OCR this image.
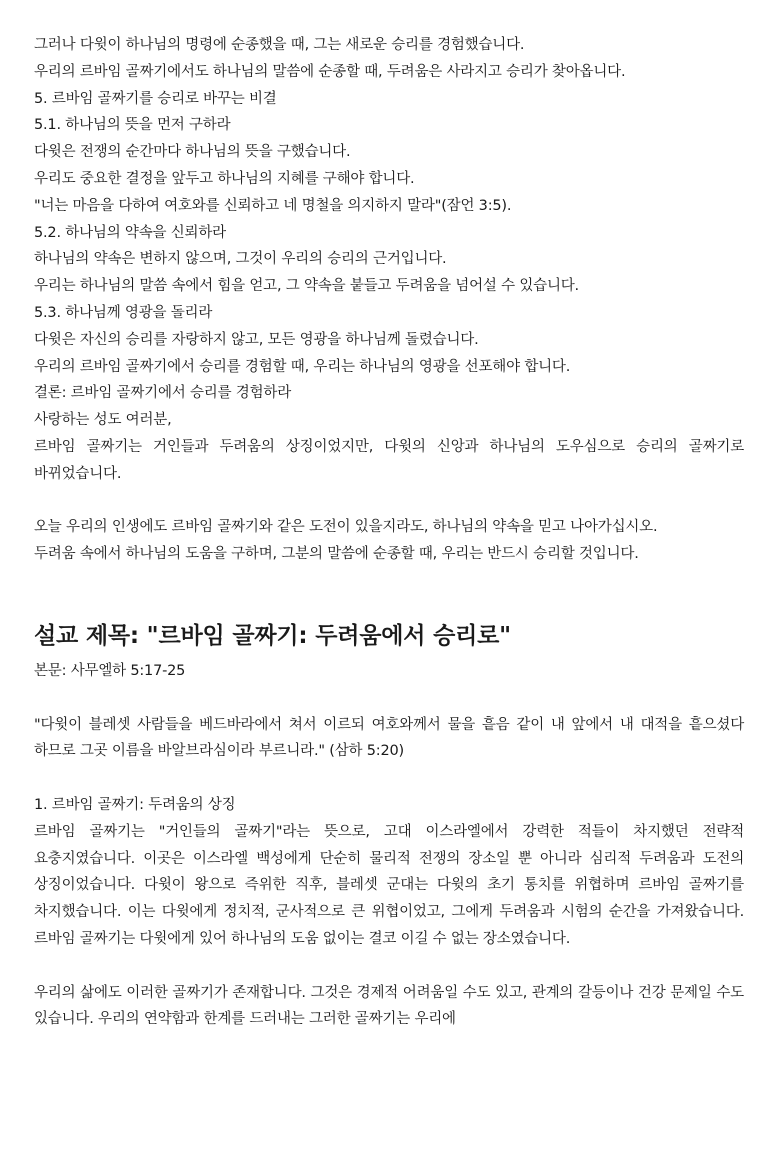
그러나 다윗이 하나님의 명령에 순종했을 때, 그는 새로운 승리를 경험했습니다.

우리의 르바임 골짜기에서도 하나님의 말씀에 순종할 때, 두려움은 사라지고 승리가 찾아옵니다.

5. 르바임 골짜기를 승리로 바꾸는 비결

5.1. 하나님의 뜻을 먼저 구하라

다윗은 전쟁의 순간마다 하나님의 뜻을 구했습니다.

우리도 중요한 결정을 앞두고 하나님의 지혜를 구해야 합니다.

"너는 마음을 다하여 여호와를 신뢰하고 네 명철을 의지하지 말라"(잠언 3:5).

5.2. 하나님의 약속을 신뢰하라

하나님의 약속은 변하지 않으며, 그것이 우리의 승리의 근거입니다.

우리는 하나님의 말씀 속에서 힘을 얻고, 그 약속을 붙들고 두려움을 넘어설 수 있습니다.

5.3. 하나님께 영광을 돌리라

다윗은 자신의 승리를 자랑하지 않고, 모든 영광을 하나님께 돌렸습니다.

우리의 르바임 골짜기에서 승리를 경험할 때, 우리는 하나님의 영광을 선포해야 합니다.

결론: 르바임 골짜기에서 승리를 경험하라

사랑하는 성도 여러분,

르바임 골짜기는 거인들과 두려움의 상징이었지만, 다윗의 신앙과 하나님의 도우심으로 승리의 골짜기로 바뀌었습니다.

오늘 우리의 인생에도 르바임 골짜기와 같은 도전이 있을지라도, 하나님의 약속을 믿고 나아가십시오.

두려움 속에서 하나님의 도움을 구하며, 그분의 말씀에 순종할 때, 우리는 반드시 승리할 것입니다.

설교 제목: "르바임 골짜기: 두려움에서 승리로"

본문: 사무엘하 5:17-25

"다윗이 블레셋 사람들을 베드바라에서 쳐서 이르되 여호와께서 물을 흩음 같이 내 앞에서 내 대적을 흩으셨다 하므로 그곳 이름을 바알브라심이라 부르니라." (삼하 5:20)

1. 르바임 골짜기: 두려움의 상징

르바임 골짜기는 "거인들의 골짜기"라는 뜻으로, 고대 이스라엘에서 강력한 적들이 차지했던 전략적 요충지였습니다. 이곳은 이스라엘 백성에게 단순히 물리적 전쟁의 장소일 뿐 아니라 심리적 두려움과 도전의 상징이었습니다. 다윗이 왕으로 즉위한 직후, 블레셋 군대는 다윗의 초기 통치를 위협하며 르바임 골짜기를 차지했습니다. 이는 다윗에게 정치적, 군사적으로 큰 위협이었고, 그에게 두려움과 시험의 순간을 가져왔습니다. 르바임 골짜기는 다윗에게 있어 하나님의 도움 없이는 결코 이길 수 없는 장소였습니다.

우리의 삶에도 이러한 골짜기가 존재합니다. 그것은 경제적 어려움일 수도 있고, 관계의 갈등이나 건강 문제일 수도 있습니다. 우리의 연약함과 한계를 드러내는 그러한 골짜기는 우리에
